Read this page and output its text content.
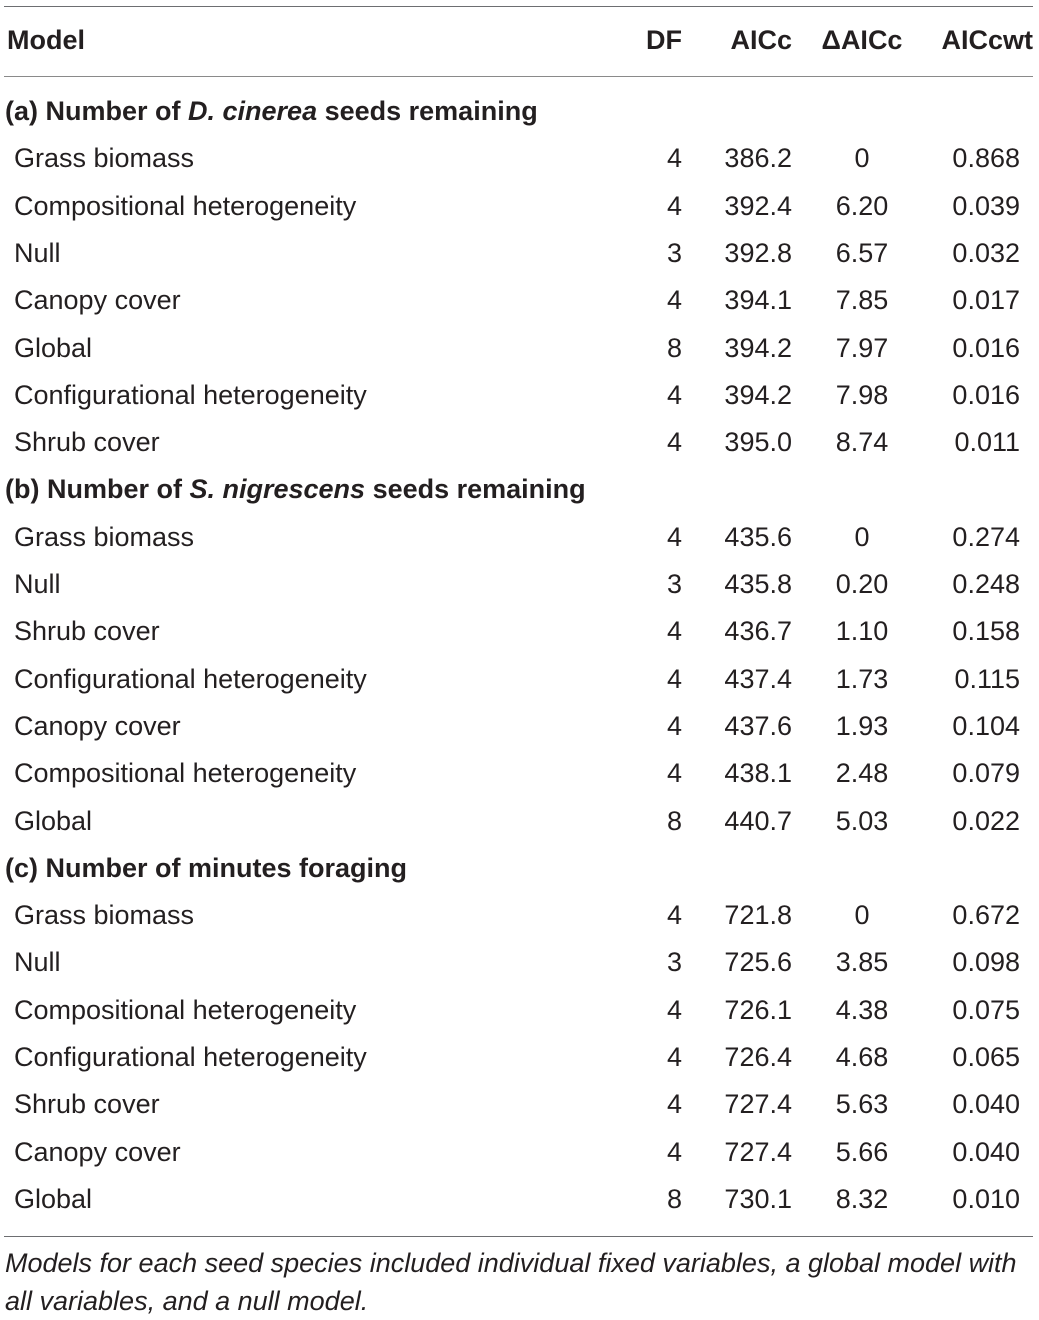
Model	DF	AICc	ΔAICc	AICcwt
(a) Number of D. cinerea seeds remaining
Grass biomass	4	386.2	0	0.868
Compositional heterogeneity	4	392.4	6.20	0.039
Null	3	392.8	6.57	0.032
Canopy cover	4	394.1	7.85	0.017
Global	8	394.2	7.97	0.016
Configurational heterogeneity	4	394.2	7.98	0.016
Shrub cover	4	395.0	8.74	0.011
(b) Number of S. nigrescens seeds remaining
Grass biomass	4	435.6	0	0.274
Null	3	435.8	0.20	0.248
Shrub cover	4	436.7	1.10	0.158
Configurational heterogeneity	4	437.4	1.73	0.115
Canopy cover	4	437.6	1.93	0.104
Compositional heterogeneity	4	438.1	2.48	0.079
Global	8	440.7	5.03	0.022
(c) Number of minutes foraging
Grass biomass	4	721.8	0	0.672
Null	3	725.6	3.85	0.098
Compositional heterogeneity	4	726.1	4.38	0.075
Configurational heterogeneity	4	726.4	4.68	0.065
Shrub cover	4	727.4	5.63	0.040
Canopy cover	4	727.4	5.66	0.040
Global	8	730.1	8.32	0.010
Models for each seed species included individual fixed variables, a global model with all variables, and a null model.
